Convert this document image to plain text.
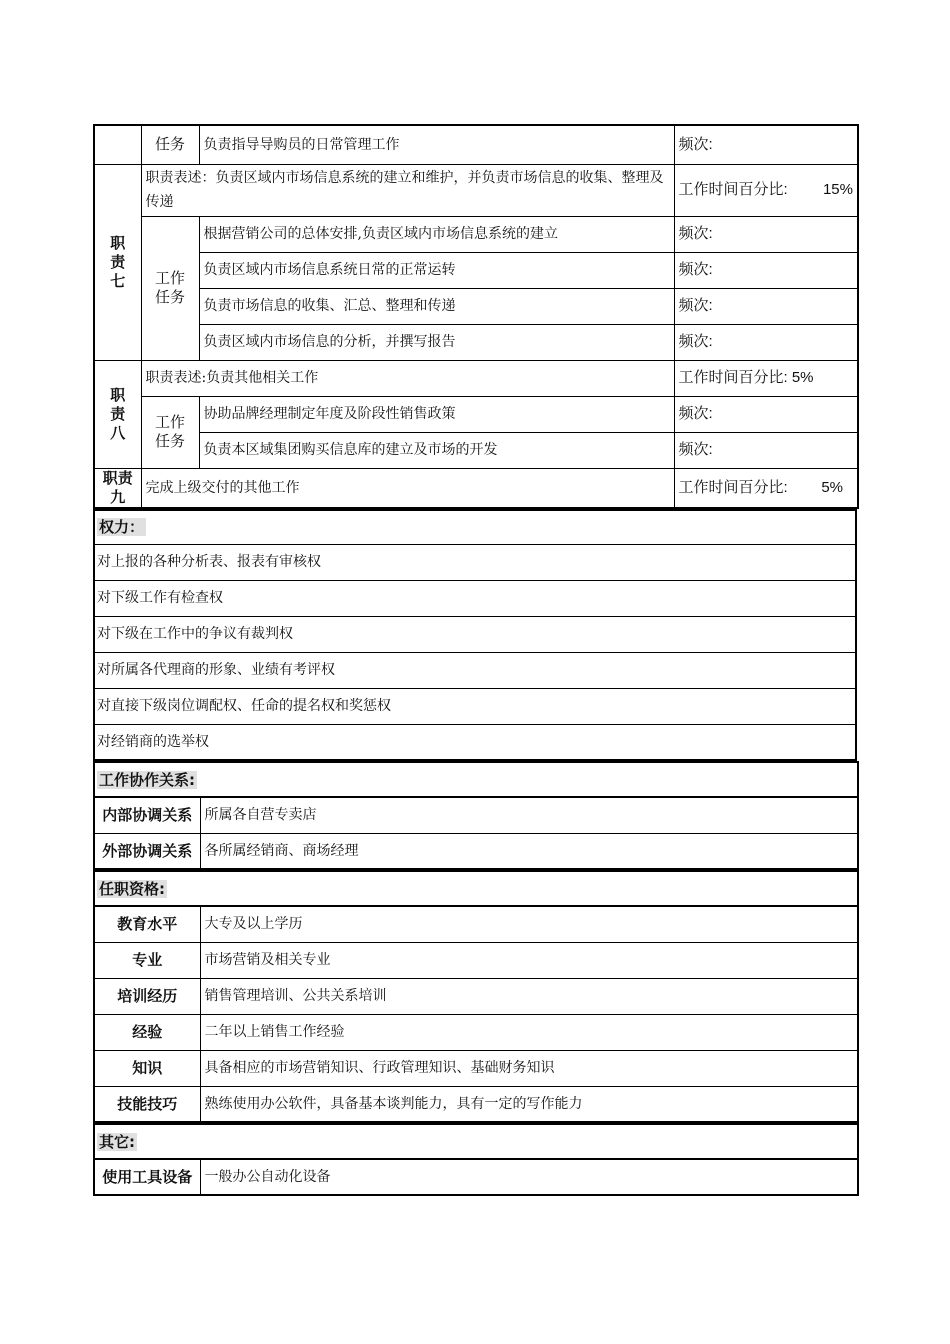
	任务	负责指导导购员的日常管理工作	频次:
职
责
七	职责表述：负责区域内市场信息系统的建立和维护，并负责市场信息的收集、整理及传递		工作时间百分比: 15%

	工作
任务	根据营销公司的总体安排,负责区域内市场信息系统的建立	频次:
		负责区域内市场信息系统日常的正常运转	频次:
		负责市场信息的收集、汇总、整理和传递	频次:
		负责区域内市场信息的分析，并撰写报告	频次:
职
责
八	职责表述:负责其他相关工作		工作时间百分比: 5%
	工作
任务	协助品牌经理制定年度及阶段性销售政策	频次:
		负责本区域集团购买信息库的建立及市场的开发	频次:
职责
九	完成上级交付的其他工作		工作时间百分比: 5%
权力：
对上报的各种分析表、报表有审核权
对下级工作有检查权
对下级在工作中的争议有裁判权
对所属各代理商的形象、业绩有考评权
对直接下级岗位调配权、任命的提名权和奖惩权
对经销商的选举权
工作协作关系:	
内部协调关系	所属各自营专卖店
外部协调关系	各所属经销商、商场经理
任职资格:	
教育水平	大专及以上学历
专业	市场营销及相关专业
培训经历	销售管理培训、公共关系培训
经验	二年以上销售工作经验
知识	具备相应的市场营销知识、行政管理知识、基础财务知识
技能技巧	熟练使用办公软件，具备基本谈判能力，具有一定的写作能力
其它:
使用工具设备	一般办公自动化设备
